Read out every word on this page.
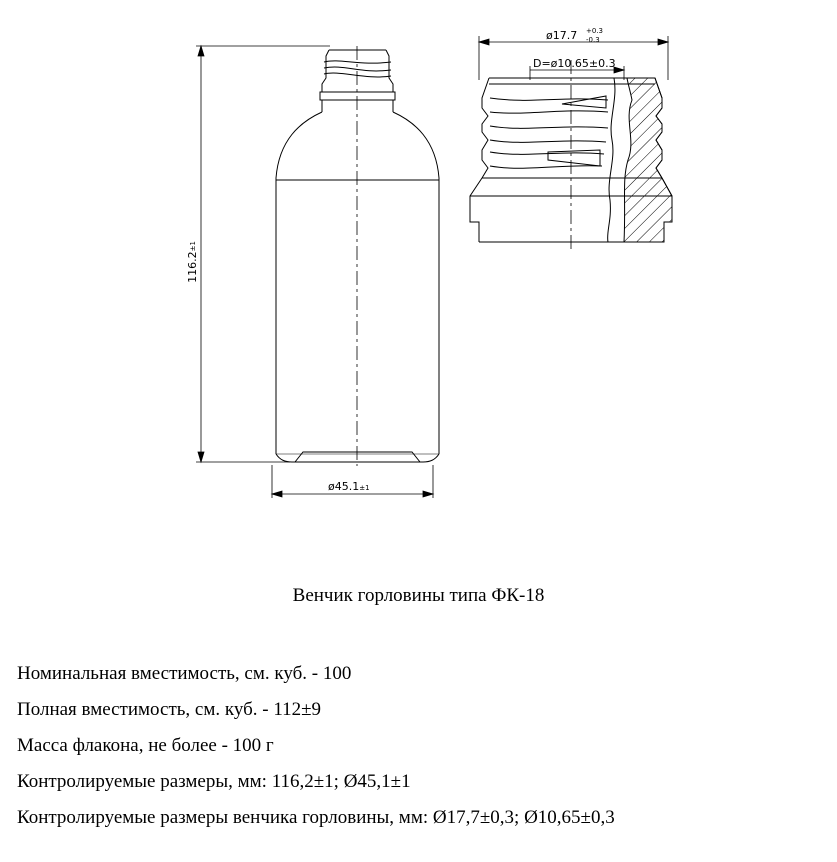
116.2±1
ø45.1±1
ø17.7 +0.3
-0.3
D=ø10.65±0.3
Венчик горловины типа ФК-18
Номинальная вместимость, см. куб. - 100
Полная вместимость, см. куб. - 112±9
Масса флакона, не более - 100 г
Контролируемые размеры, мм: 116,2±1; Ø45,1±1
Контролируемые размеры венчика горловины, мм: Ø17,7±0,3; Ø10,65±0,3
